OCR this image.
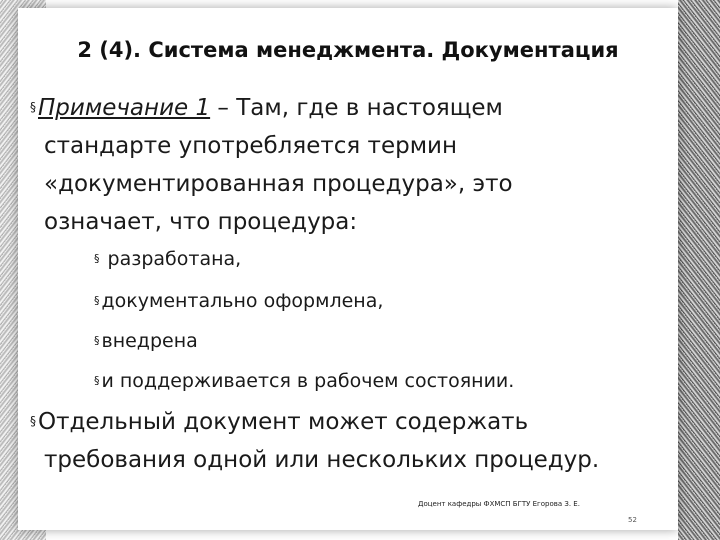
2 (4). Система менеджмента. Документация
§Примечание 1 – Там, где в настоящем
стандарте употребляется термин
«документированная процедура», это
означает, что процедура:
§ разработана,
§ документально оформлена,
§ внедрена
§ и поддерживается в рабочем состоянии.
§Отдельный документ может содержать
требования одной или нескольких процедур.
Доцент кафедры ФХМСП БГТУ Егорова З. Е.
52
